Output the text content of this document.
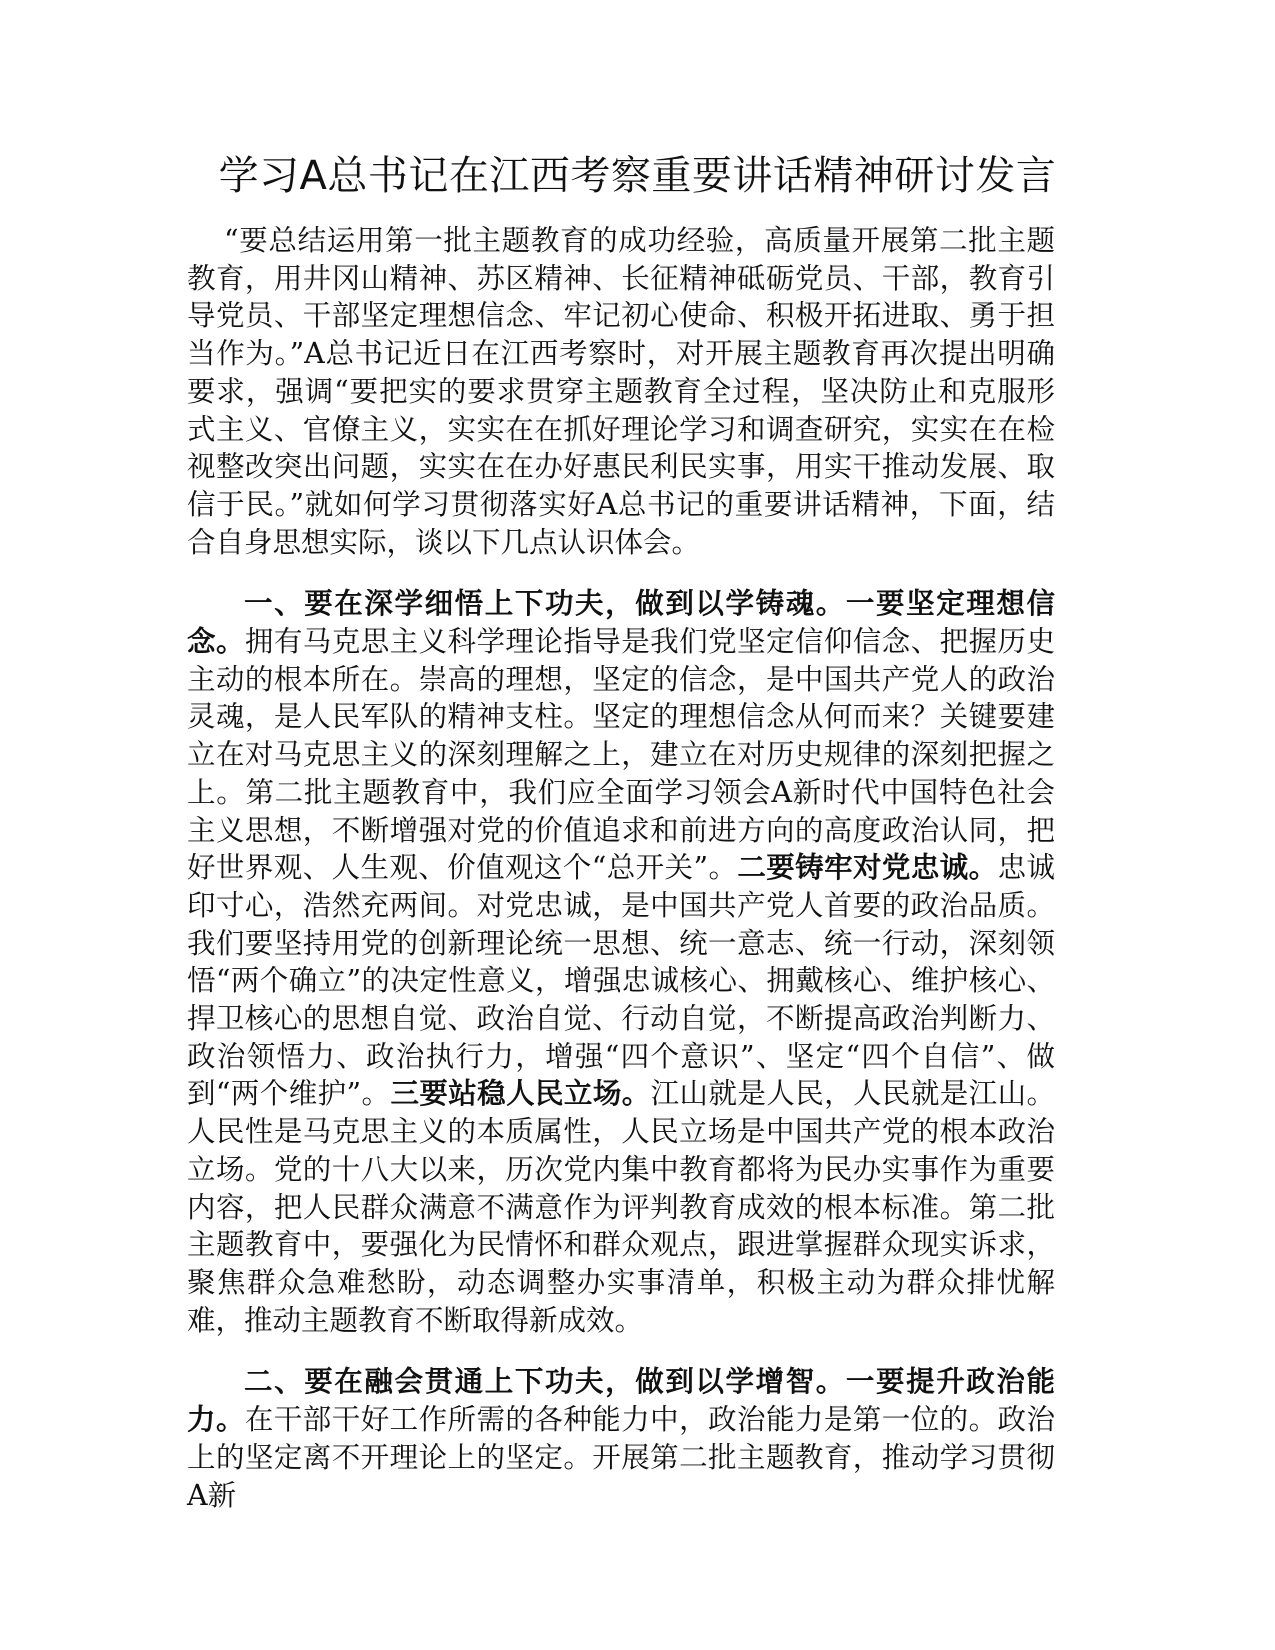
学习A总书记在江西考察重要讲话精神研讨发言

“要总结运用第一批主题教育的成功经验，高质量开展第二批主题教育，用井冈山精神、苏区精神、长征精神砥砺党员、干部，教育引导党员、干部坚定理想信念、牢记初心使命、积极开拓进取、勇于担当作为。”A总书记近日在江西考察时，对开展主题教育再次提出明确要求，强调“要把实的要求贯穿主题教育全过程，坚决防止和克服形式主义、官僚主义，实实在在抓好理论学习和调查研究，实实在在检视整改突出问题，实实在在办好惠民利民实事，用实干推动发展、取信于民。”就如何学习贯彻落实好A总书记的重要讲话精神，下面，结合自身思想实际，谈以下几点认识体会。

一、要在深学细悟上下功夫，做到以学铸魂。一要坚定理想信念。拥有马克思主义科学理论指导是我们党坚定信仰信念、把握历史主动的根本所在。崇高的理想，坚定的信念，是中国共产党人的政治灵魂，是人民军队的精神支柱。坚定的理想信念从何而来？关键要建立在对马克思主义的深刻理解之上，建立在对历史规律的深刻把握之上。第二批主题教育中，我们应全面学习领会A新时代中国特色社会主义思想，不断增强对党的价值追求和前进方向的高度政治认同，把好世界观、人生观、价值观这个“总开关”。二要铸牢对党忠诚。忠诚印寸心，浩然充两间。对党忠诚，是中国共产党人首要的政治品质。我们要坚持用党的创新理论统一思想、统一意志、统一行动，深刻领悟“两个确立”的决定性意义，增强忠诚核心、拥戴核心、维护核心、捍卫核心的思想自觉、政治自觉、行动自觉，不断提高政治判断力、政治领悟力、政治执行力，增强“四个意识”、坚定“四个自信”、做到“两个维护”。三要站稳人民立场。江山就是人民，人民就是江山。人民性是马克思主义的本质属性，人民立场是中国共产党的根本政治立场。党的十八大以来，历次党内集中教育都将为民办实事作为重要内容，把人民群众满意不满意作为评判教育成效的根本标准。第二批主题教育中，要强化为民情怀和群众观点，跟进掌握群众现实诉求，聚焦群众急难愁盼，动态调整办实事清单，积极主动为群众排忧解难，推动主题教育不断取得新成效。

二、要在融会贯通上下功夫，做到以学增智。一要提升政治能力。在干部干好工作所需的各种能力中，政治能力是第一位的。政治上的坚定离不开理论上的坚定。开展第二批主题教育，推动学习贯彻A新
